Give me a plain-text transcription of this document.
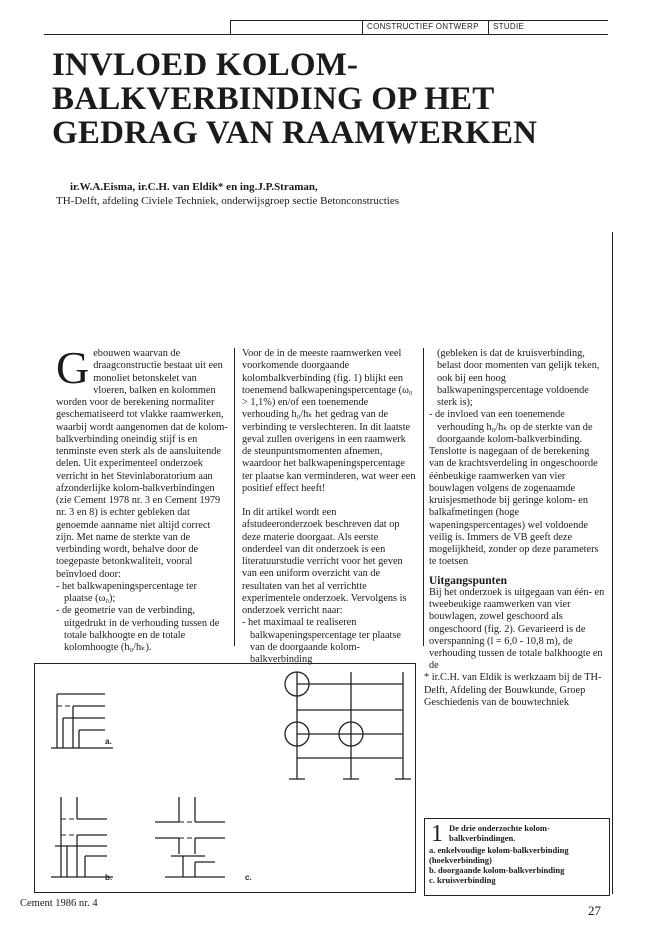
CONSTRUCTIEF ONTWERP	STUDIE
INVLOED KOLOM-
BALKVERBINDING OP HET
GEDRAG VAN RAAMWERKEN
ir.W.A.Eisma, ir.C.H. van Eldik* en ing.J.P.Straman,
TH-Delft, afdeling Civiele Techniek, onderwijsgroep sectie Betonconstructies

Gebouwen waarvan de draagconstructie bestaat uit een monoliet betonskelet van vloeren, balken en kolommen worden voor de berekening normaliter geschematiseerd tot vlakke raamwerken, waarbij wordt aangenomen dat de kolom-balkverbinding oneindig stijf is en tenminste even sterk als de aansluitende delen. Uit experimenteel onderzoek verricht in het Stevinlaboratorium aan afzonderlijke kolom-balkverbindingen (zie Cement 1978 nr. 3 en Cement 1979 nr. 3 en 8) is echter gebleken dat genoemde aanname niet altijd correct zijn. Met name de sterkte van de verbinding wordt, behalve door de toegepaste betonkwaliteit, vooral beïnvloed door:

- het balkwapeningspercentage ter plaatse (ω₀);

- de geometrie van de verbinding, uitgedrukt in de verhouding tussen de totale balkhoogte en de totale kolomhoogte (h₀/hₖ).

Voor de in de meeste raamwerken veel voorkomende doorgaande kolombalkverbinding (fig. 1) blijkt een toenemend balkwapeningspercentage (ω₀ > 1,1%) en/of een toenemende verhouding h₀/hₖ het gedrag van de verbinding te verslechteren. In dit laatste geval zullen overigens in een raamwerk de steunpuntsmomenten afnemen, waardoor het balkwapeningspercentage ter plaatse kan verminderen, wat weer een positief effect heeft!

In dit artikel wordt een afstudeeronderzoek beschreven dat op deze materie doorgaat. Als eerste onderdeel van dit onderzoek is een literatuurstudie verricht voor het geven van een uniform overzicht van de resultaten van het al verrichtte experimentele onderzoek. Vervolgens is onderzoek verricht naar:

- het maximaal te realiseren balkwapeningspercentage ter plaatse van de doorgaande kolom-balkverbinding

(gebleken is dat de kruisverbinding, belast door momenten van gelijk teken, ook bij een hoog balkwapeningspercentage voldoende sterk is);

- de invloed van een toenemende verhouding h₀/hₖ op de sterkte van de doorgaande kolom-balkverbinding.

Tenslotte is nagegaan of de berekening van de krachtsverdeling in ongeschoorde éénbeukige raamwerken van vier bouwlagen volgens de zogenaamde kruisjesmethode bij geringe kolom- en balkafmetingen (hoge wapeningspercentages) wel voldoende veilig is. Immers de VB geeft deze mogelijkheid, zonder op deze parameters te toetsen

Uitgangspunten

Bij het onderzoek is uitgegaan van één- en tweebeukige raamwerken van vier bouwlagen, zowel geschoord als ongeschoord (fig. 2). Gevarieerd is de overspanning (l = 6,0 - 10,8 m), de verhouding tussen de totale balkhoogte en de

a.
b.	c.
* ir.C.H. van Eldik is werkzaam bij de TH-Delft, Afdeling der Bouwkunde, Groep Geschiedenis van de bouwtechniek
1 De drie onderzochte kolom-balkverbindingen.
a. enkelvoudige kolom-balkverbinding (hoekverbinding)
b. doorgaande kolom-balkverbinding
c. kruisverbinding
Cement 1986 nr. 4	27
